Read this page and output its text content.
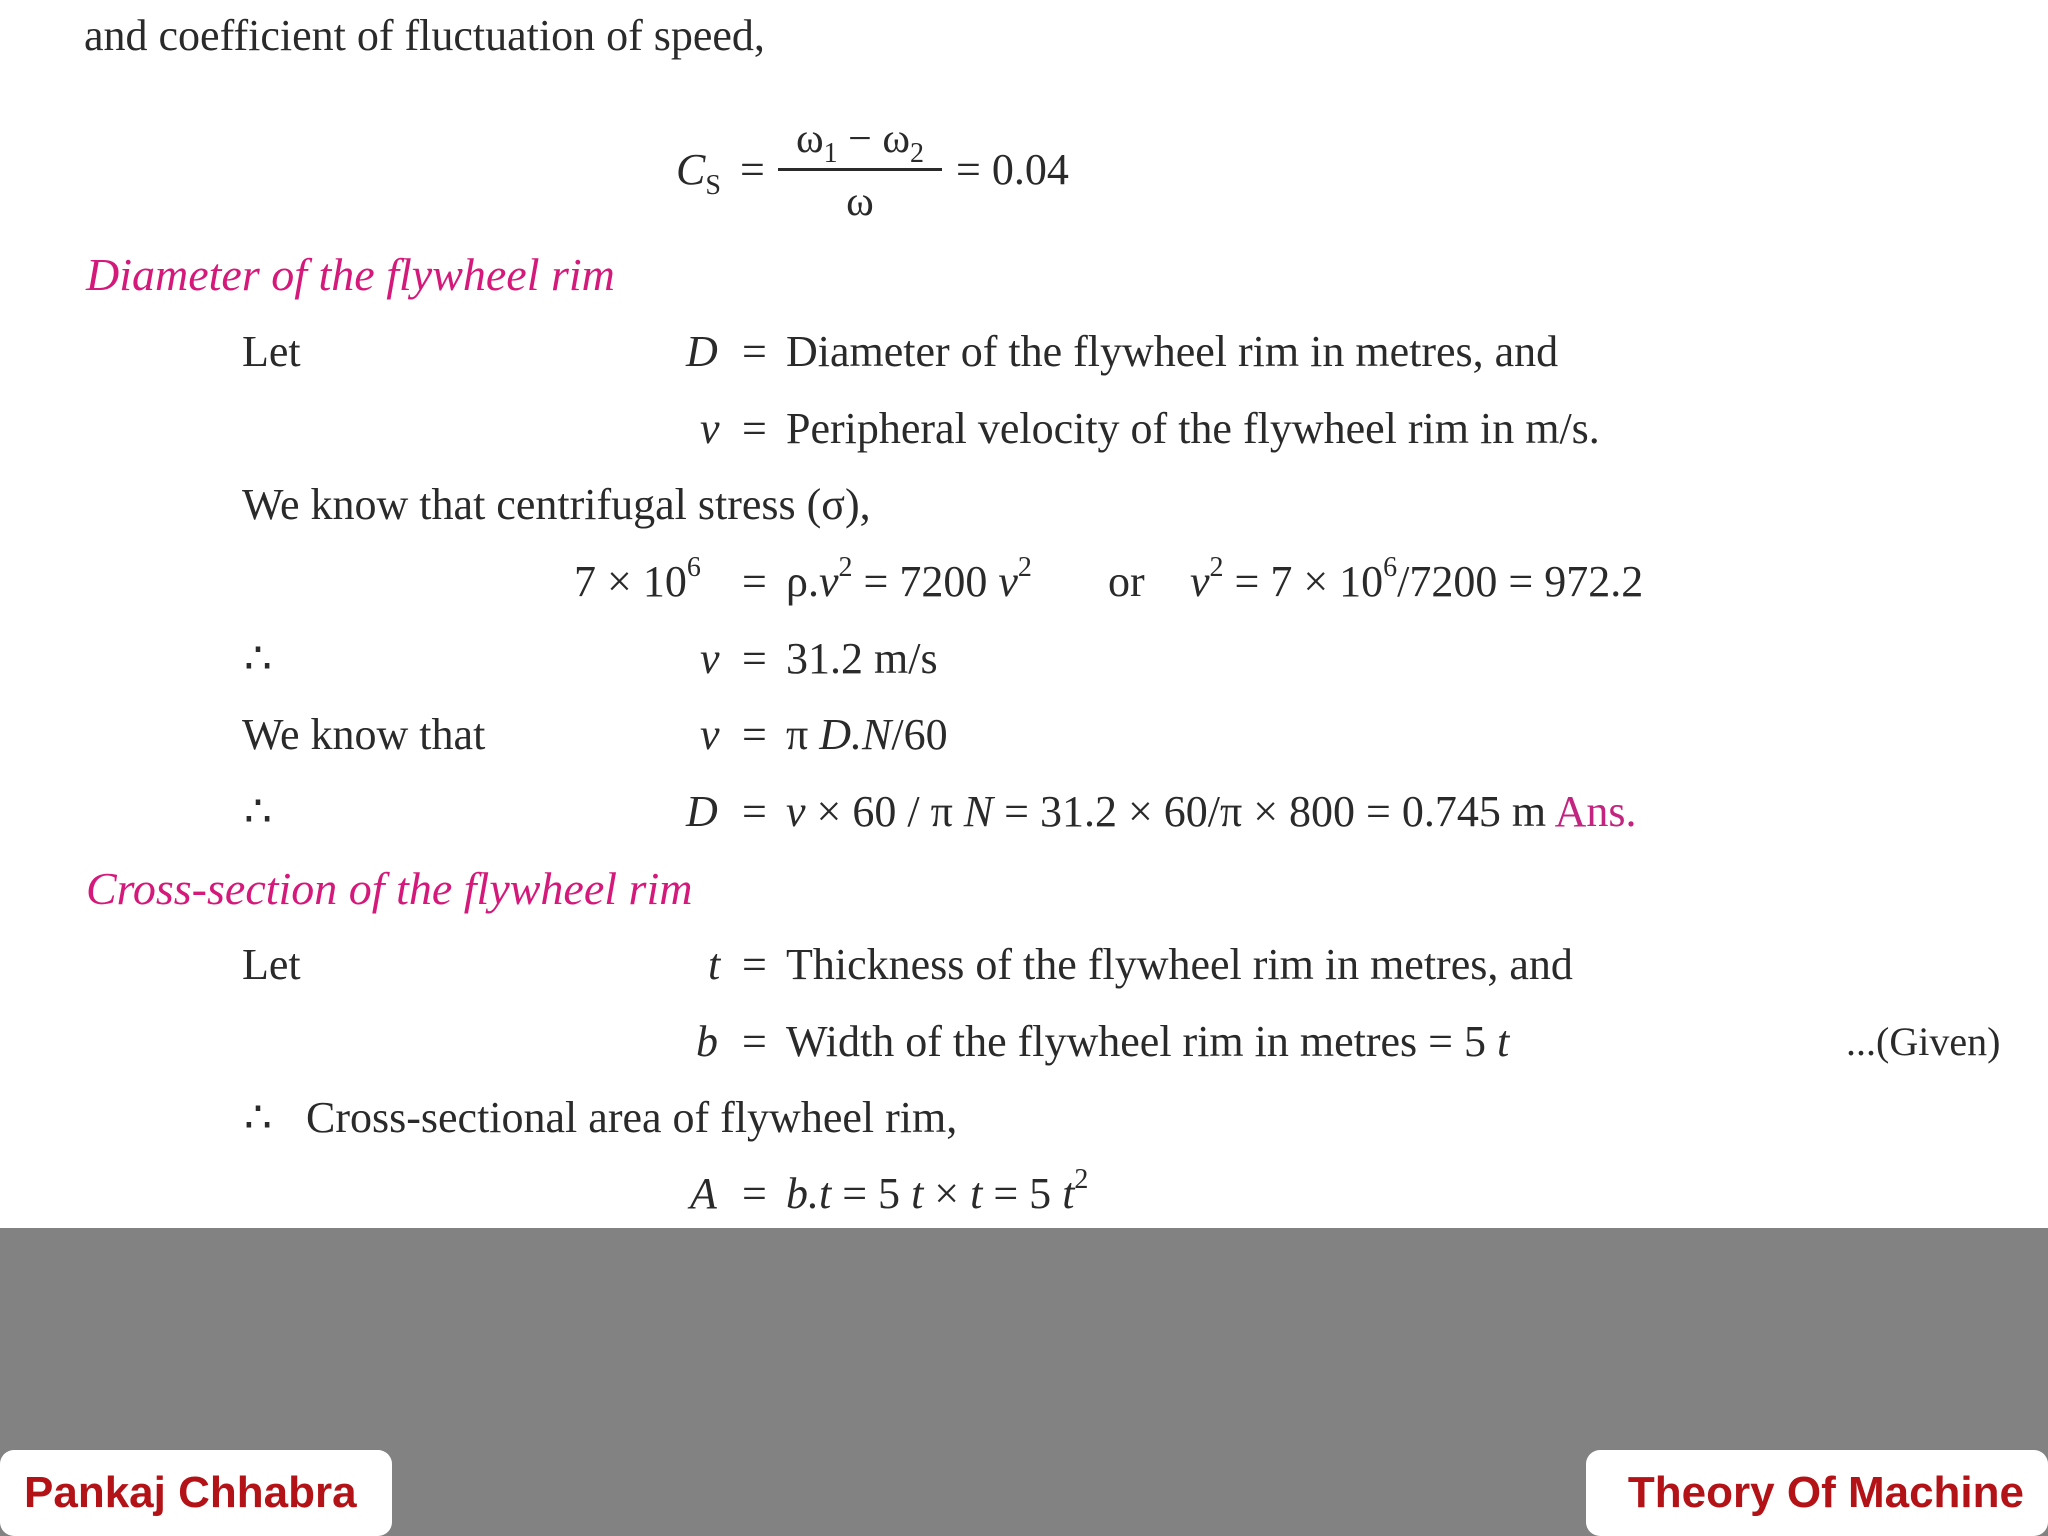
and coefficient of fluctuation of speed,
$C_S = \frac{\omega_1 - \omega_2}{\omega} = 0.04$
Diameter of the flywheel rim
Let	D = Diameter of the flywheel rim in metres, and
v = Peripheral velocity of the flywheel rim in m/s.
We know that centrifugal stress (σ),
$7 \times 10^6 = \rho.v^2 = 7200$ $v^2$ or $v^2 = 7 \times 10^6/7200 = 972.2$
∴	v = 31.2 m/s
We know that	v = π D.N/60
∴	D = v × 60 / π N = 31.2 × 60/π × 800 = 0.745 m Ans.
Cross-section of the flywheel rim
Let	t = Thickness of the flywheel rim in metres, and
b = Width of the flywheel rim in metres = 5 t	...(Given)
∴ Cross-sectional area of flywheel rim,
A = b.t = 5 t × t = 5 $t^2$
Pankaj Chhabra	Theory Of Machine
